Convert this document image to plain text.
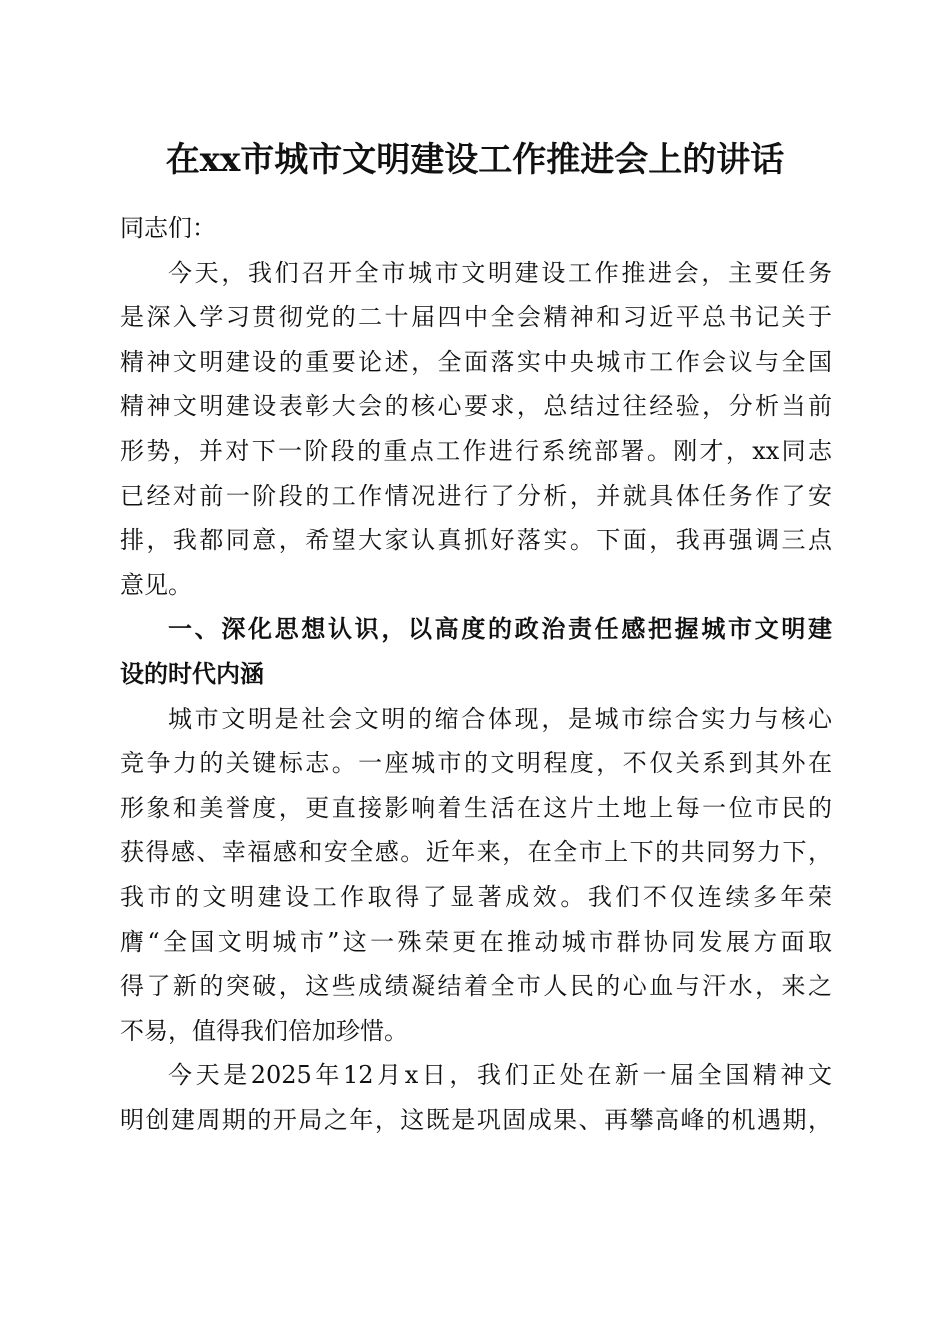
在xx市城市文明建设工作推进会上的讲话
同志们：
今天，我们召开全市城市文明建设工作推进会，主要任务
是深入学习贯彻党的二十届四中全会精神和习近平总书记关于
精神文明建设的重要论述，全面落实中央城市工作会议与全国
精神文明建设表彰大会的核心要求，总结过往经验，分析当前
形势，并对下一阶段的重点工作进行系统部署。刚才，xx同志
已经对前一阶段的工作情况进行了分析，并就具体任务作了安
排，我都同意，希望大家认真抓好落实。下面，我再强调三点
意见。
一、深化思想认识，以高度的政治责任感把握城市文明建
设的时代内涵
城市文明是社会文明的缩合体现，是城市综合实力与核心
竞争力的关键标志。一座城市的文明程度，不仅关系到其外在
形象和美誉度，更直接影响着生活在这片土地上每一位市民的
获得感、幸福感和安全感。近年来，在全市上下的共同努力下，
我市的文明建设工作取得了显著成效。我们不仅连续多年荣
膺“全国文明城市”这一殊荣更在推动城市群协同发展方面取
得了新的突破，这些成绩凝结着全市人民的心血与汗水，来之
不易，值得我们倍加珍惜。
今天是2025年12月x日，我们正处在新一届全国精神文
明创建周期的开局之年，这既是巩固成果、再攀高峰的机遇期，
